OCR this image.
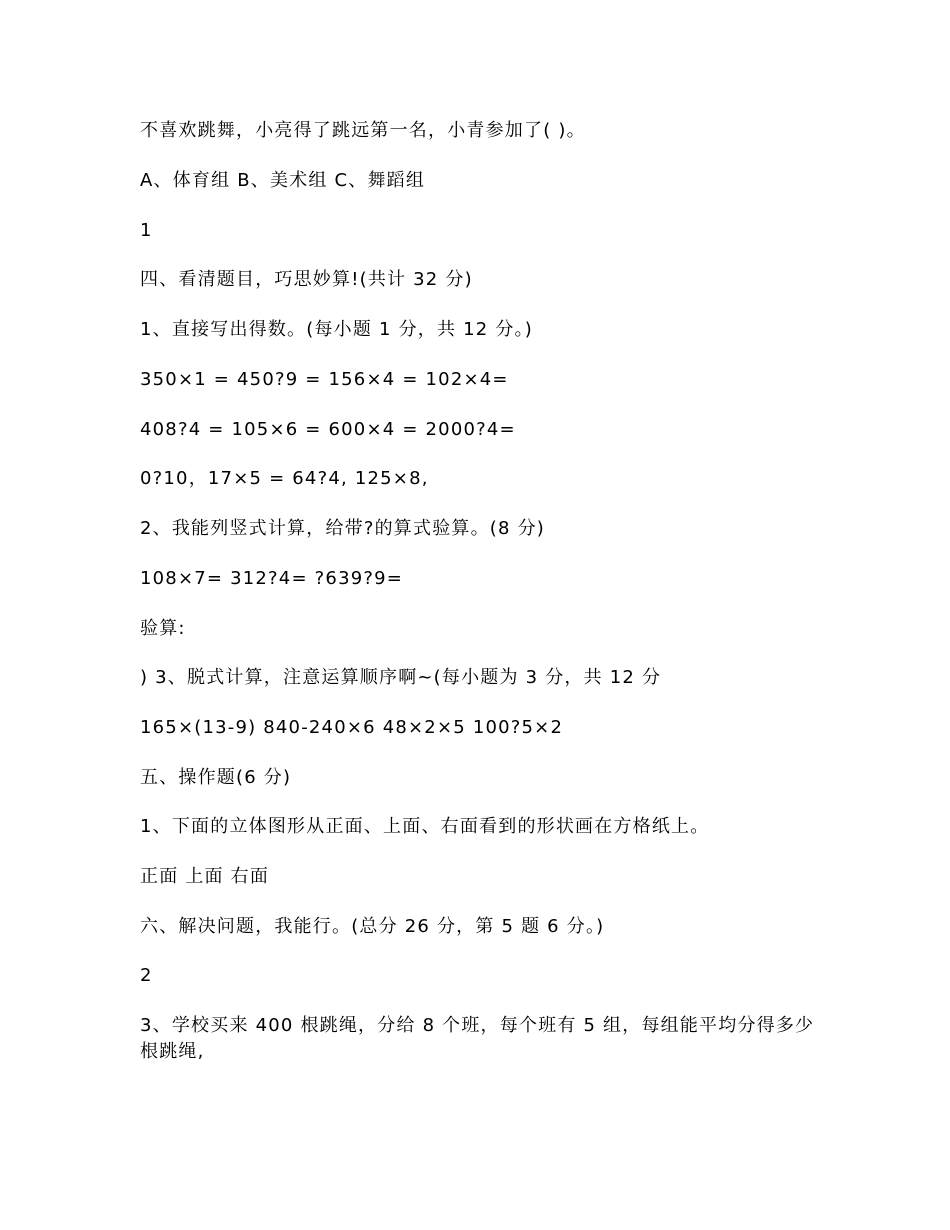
不喜欢跳舞，小亮得了跳远第一名，小青参加了( )。

A、体育组 B、美术组 C、舞蹈组

1

四、看清题目，巧思妙算!(共计 32 分)

1、直接写出得数。(每小题 1 分，共 12 分。)

350×1 = 450?9 = 156×4 = 102×4=

408?4 = 105×6 = 600×4 = 2000?4=

0?10，17×5 = 64?4, 125×8,

2、我能列竖式计算，给带?的算式验算。(8 分)

108×7= 312?4= ?639?9=

验算:

) 3、脱式计算，注意运算顺序啊~(每小题为 3 分，共 12 分

165×(13-9) 840-240×6 48×2×5 100?5×2

五、操作题(6 分)

1、下面的立体图形从正面、上面、右面看到的形状画在方格纸上。

正面 上面 右面

六、解决问题，我能行。(总分 26 分，第 5 题 6 分。)

2

3、学校买来 400 根跳绳，分给 8 个班，每个班有 5 组，每组能平均分得多少根跳绳,
